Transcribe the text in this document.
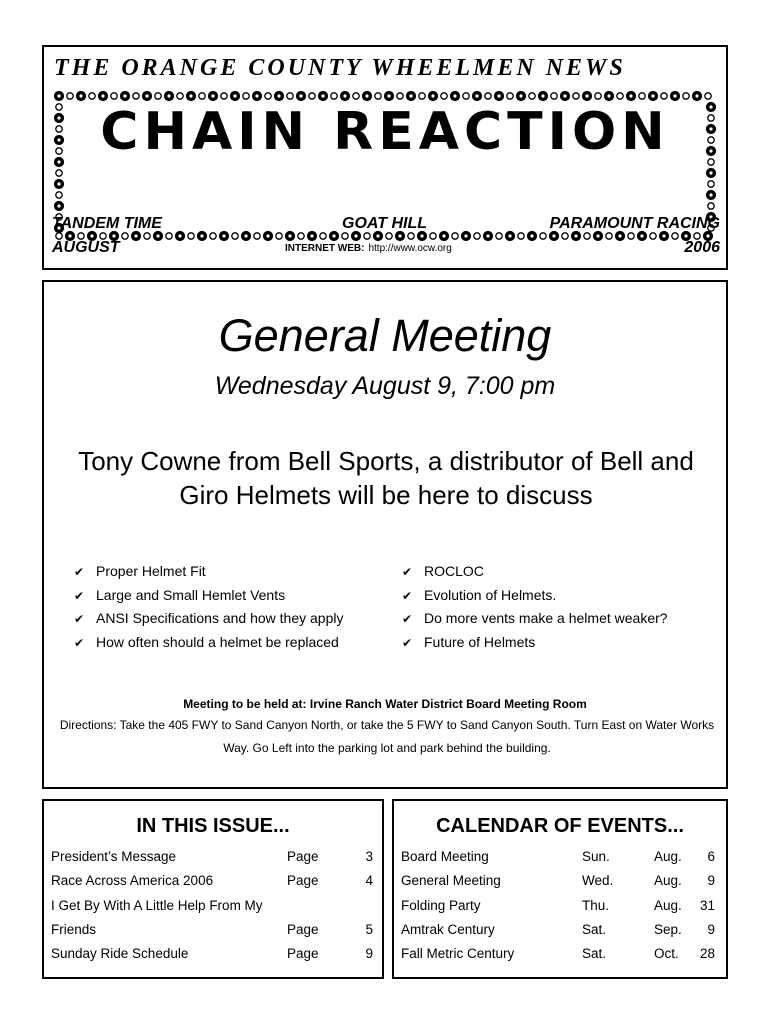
THE ORANGE COUNTY WHEELMEN NEWS
CHAIN REACTION
TANDEM TIME
AUGUST
GOAT HILL	PARAMOUNT RACING
2006
INTERNET WEB: http://www.ocw.org
General Meeting
Wednesday August 9, 7:00 pm
Tony Cowne from Bell Sports, a distributor of Bell and Giro Helmets will be here to discuss
✔ Proper Helmet Fit
✔ Large and Small Hemlet Vents
✔ ANSI Specifications and how they apply
✔ How often should a helmet be replaced
✔ ROCLOC
✔ Evolution of Helmets.
✔ Do more vents make a helmet weaker?
✔ Future of Helmets
Meeting to be held at: Irvine Ranch Water District Board Meeting Room
Directions: Take the 405 FWY to Sand Canyon North, or take the 5 FWY to Sand Canyon South. Turn East on Water Works Way. Go Left into the parking lot and park behind the building.
IN THIS ISSUE...
President’s Message	Page	3
Race Across America 2006	Page	4
I Get By With A Little Help From My
Friends	Page	5
Sunday Ride Schedule	Page	9
CALENDAR OF EVENTS...
Board Meeting	Sun.	Aug. 6
General Meeting	Wed.	Aug. 9
Folding Party	Thu.	Aug. 31
Amtrak Century	Sat.	Sep. 9
Fall Metric Century	Sat.	Oct. 28
